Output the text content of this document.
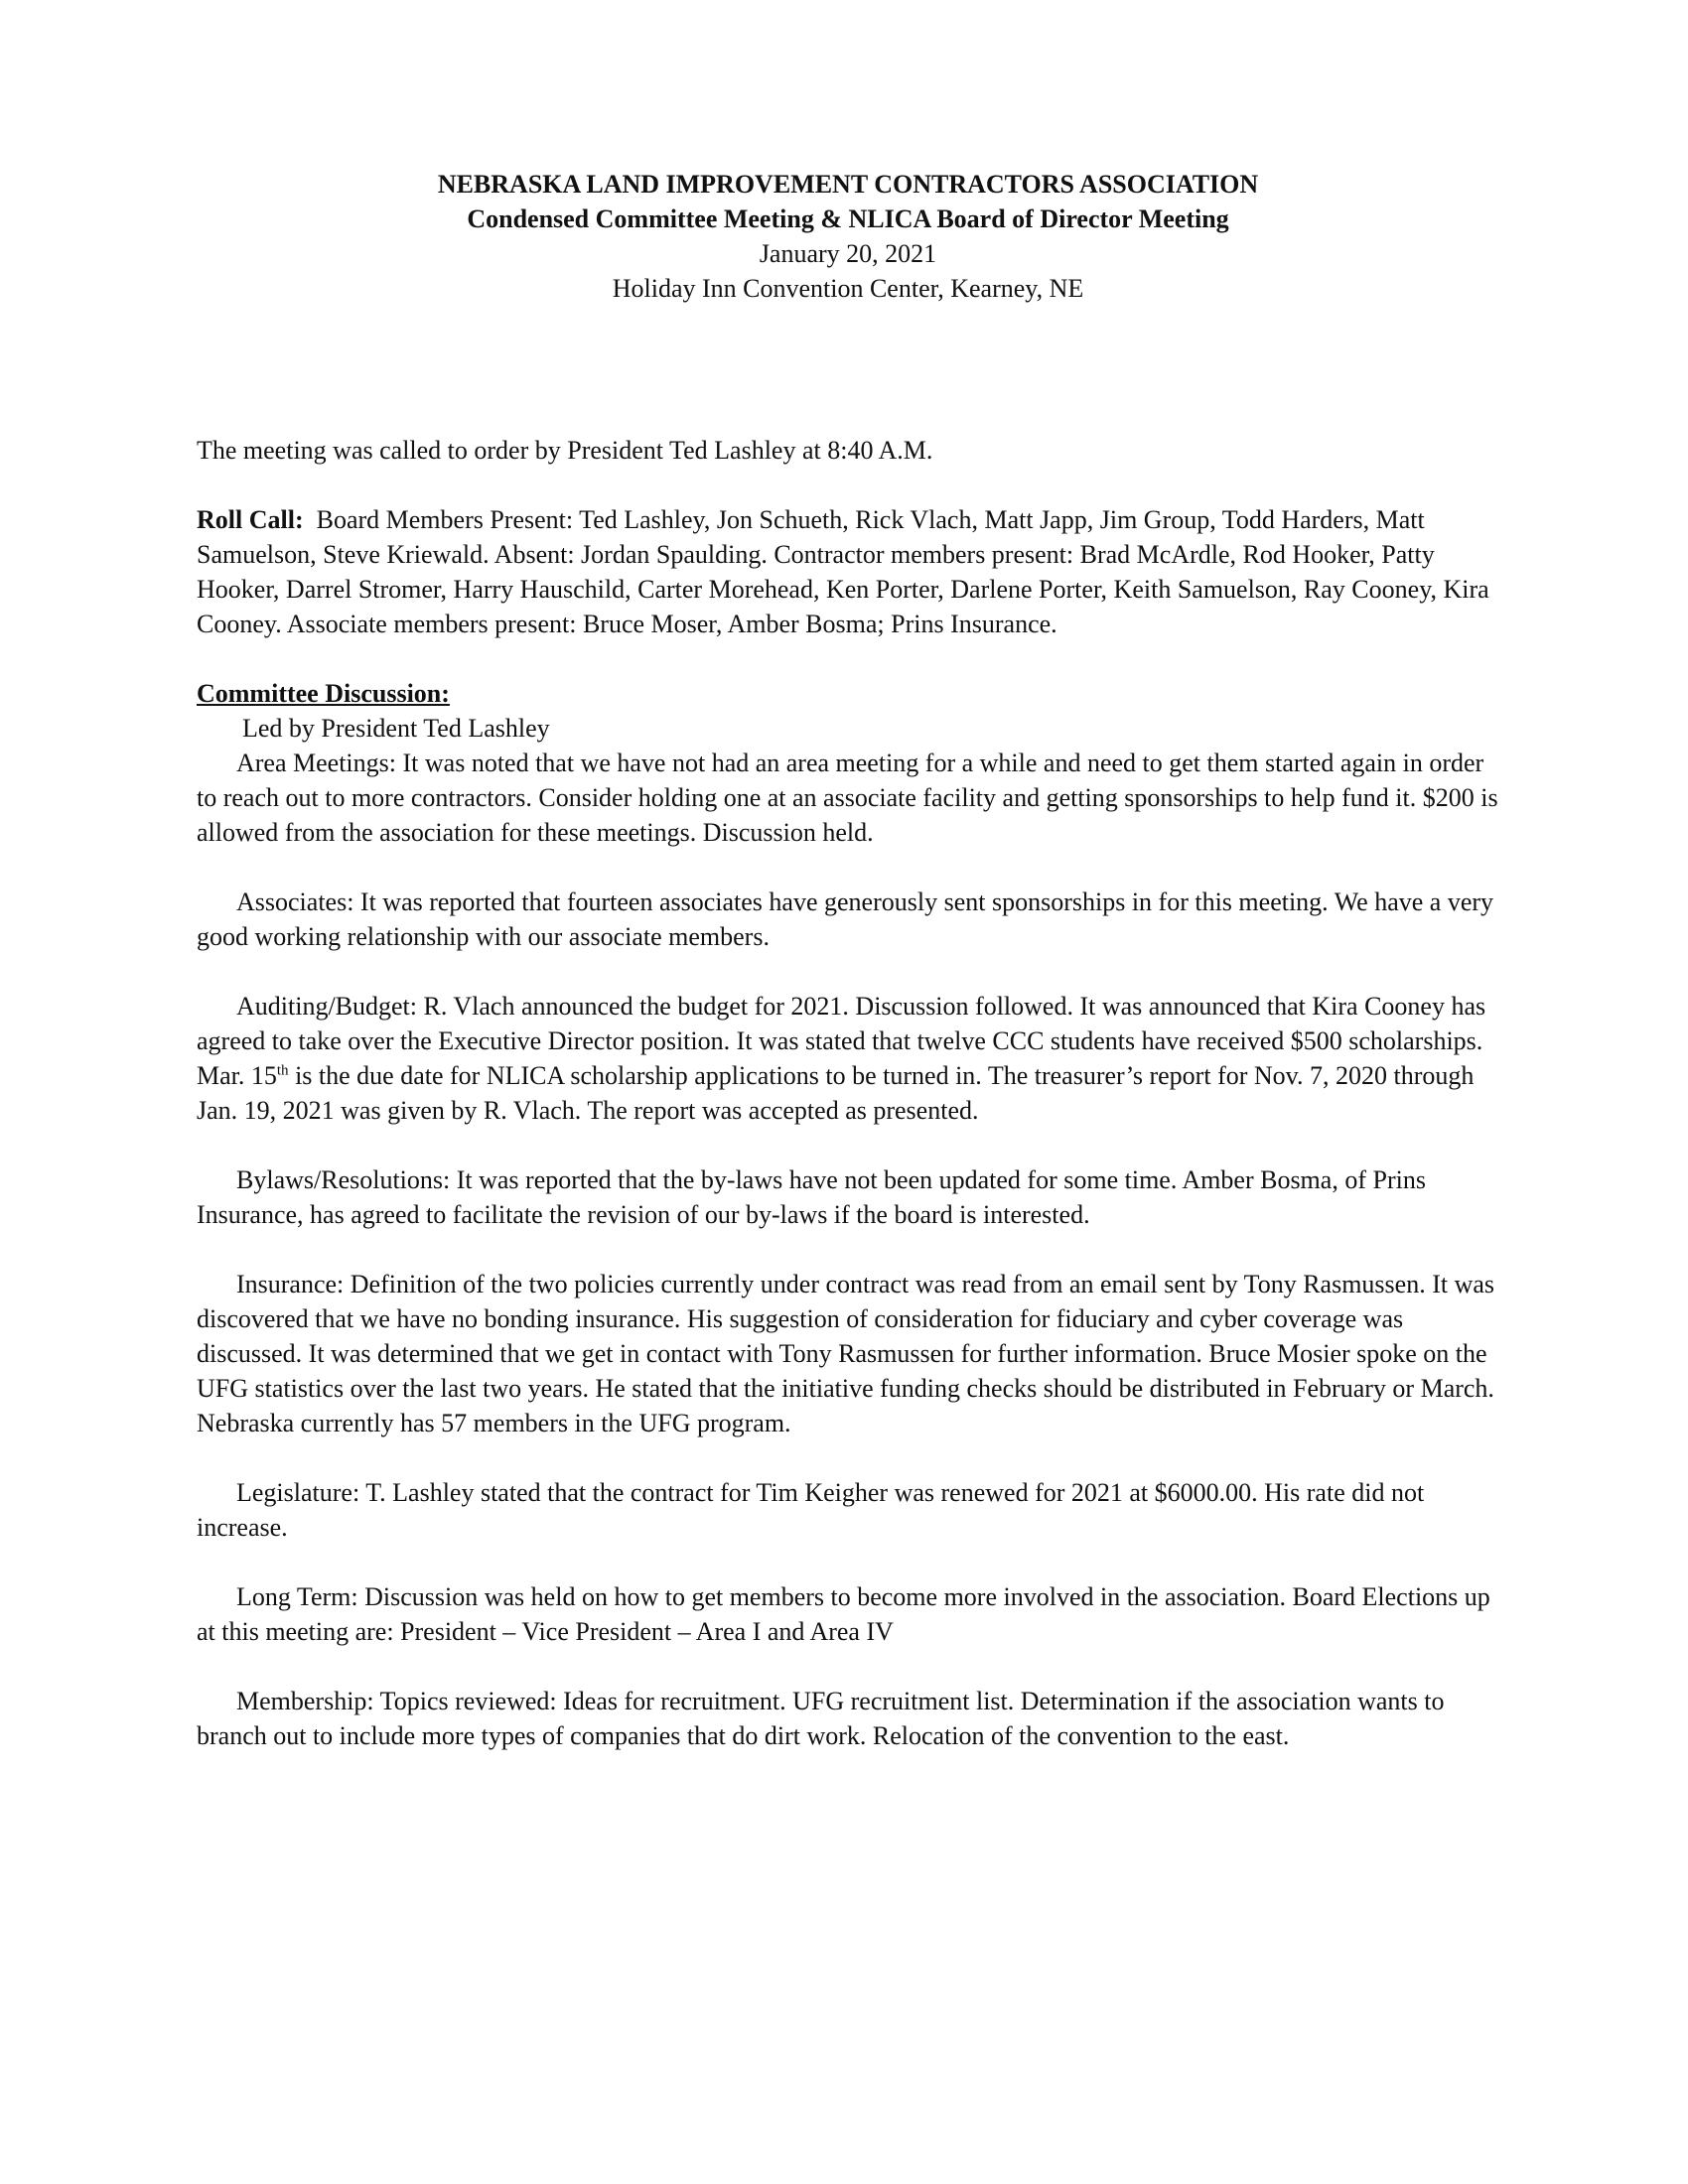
NEBRASKA LAND IMPROVEMENT CONTRACTORS ASSOCIATION
Condensed Committee Meeting & NLICA Board of Director Meeting
January 20, 2021
Holiday Inn Convention Center, Kearney, NE

The meeting was called to order by President Ted Lashley at 8:40 A.M.

Roll Call: Board Members Present: Ted Lashley, Jon Schueth, Rick Vlach, Matt Japp, Jim Group, Todd Harders, Matt Samuelson, Steve Kriewald. Absent: Jordan Spaulding. Contractor members present: Brad McArdle, Rod Hooker, Patty Hooker, Darrel Stromer, Harry Hauschild, Carter Morehead, Ken Porter, Darlene Porter, Keith Samuelson, Ray Cooney, Kira Cooney. Associate members present: Bruce Moser, Amber Bosma; Prins Insurance.

Committee Discussion:

Led by President Ted Lashley

Area Meetings: It was noted that we have not had an area meeting for a while and need to get them started again in order to reach out to more contractors. Consider holding one at an associate facility and getting sponsorships to help fund it. $200 is allowed from the association for these meetings. Discussion held.

Associates: It was reported that fourteen associates have generously sent sponsorships in for this meeting. We have a very good working relationship with our associate members.

Auditing/Budget: R. Vlach announced the budget for 2021. Discussion followed. It was announced that Kira Cooney has agreed to take over the Executive Director position. It was stated that twelve CCC students have received $500 scholarships. Mar. 15th is the due date for NLICA scholarship applications to be turned in. The treasurer’s report for Nov. 7, 2020 through Jan. 19, 2021 was given by R. Vlach. The report was accepted as presented.

Bylaws/Resolutions: It was reported that the by-laws have not been updated for some time. Amber Bosma, of Prins Insurance, has agreed to facilitate the revision of our by-laws if the board is interested.

Insurance: Definition of the two policies currently under contract was read from an email sent by Tony Rasmussen. It was discovered that we have no bonding insurance. His suggestion of consideration for fiduciary and cyber coverage was discussed. It was determined that we get in contact with Tony Rasmussen for further information. Bruce Mosier spoke on the UFG statistics over the last two years. He stated that the initiative funding checks should be distributed in February or March. Nebraska currently has 57 members in the UFG program.

Legislature: T. Lashley stated that the contract for Tim Keigher was renewed for 2021 at $6000.00. His rate did not increase.

Long Term: Discussion was held on how to get members to become more involved in the association. Board Elections up at this meeting are: President – Vice President – Area I and Area IV

Membership: Topics reviewed: Ideas for recruitment. UFG recruitment list. Determination if the association wants to branch out to include more types of companies that do dirt work. Relocation of the convention to the east.
